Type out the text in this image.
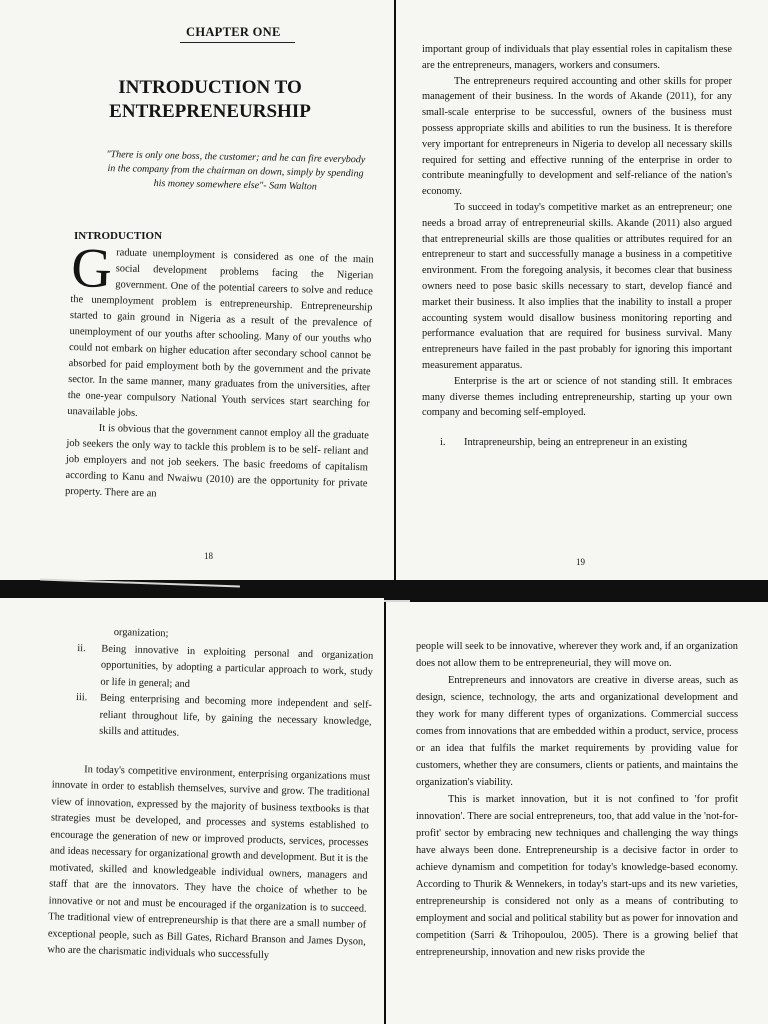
CHAPTER ONE
INTRODUCTION TO ENTREPRENEURSHIP
"There is only one boss, the customer; and he can fire everybody in the company from the chairman on down, simply by spending his money somewhere else"- Sam Walton
INTRODUCTION

Graduate unemployment is considered as one of the main social development problems facing the Nigerian government. One of the potential careers to solve and reduce the unemployment problem is entrepreneurship. Entrepreneurship started to gain ground in Nigeria as a result of the prevalence of unemployment of our youths after schooling. Many of our youths who could not embark on higher education after secondary school cannot be absorbed for paid employment both by the government and the private sector. In the same manner, many graduates from the universities, after the one-year compulsory National Youth services start searching for unavailable jobs.

It is obvious that the government cannot employ all the graduate job seekers the only way to tackle this problem is to be self- reliant and job employers and not job seekers. The basic freedoms of capitalism according to Kanu and Nwaiwu (2010) are the opportunity for private property. There are an

18

important group of individuals that play essential roles in capitalism these are the entrepreneurs, managers, workers and consumers.

The entrepreneurs required accounting and other skills for proper management of their business. In the words of Akande (2011), for any small-scale enterprise to be successful, owners of the business must possess appropriate skills and abilities to run the business. It is therefore very important for entrepreneurs in Nigeria to develop all necessary skills required for setting and effective running of the enterprise in order to contribute meaningfully to development and self-reliance of the nation's economy.

To succeed in today's competitive market as an entrepreneur; one needs a broad array of entrepreneurial skills. Akande (2011) also argued that entrepreneurial skills are those qualities or attributes required for an entrepreneur to start and successfully manage a business in a competitive environment. From the foregoing analysis, it becomes clear that business owners need to pose basic skills necessary to start, develop fiancé and market their business. It also implies that the inability to install a proper accounting system would disallow business monitoring reporting and performance evaluation that are required for business survival. Many entrepreneurs have failed in the past probably for ignoring this important measurement apparatus.

Enterprise is the art or science of not standing still. It embraces many diverse themes including entrepreneurship, starting up your own company and becoming self-employed.

i.	Intrapreneurship, being an entrepreneur in an existing
19

organization;

ii.	Being innovative in exploiting personal and organization opportunities, by adopting a particular approach to work, study or life in general; and
iii.	Being enterprising and becoming more independent and self-reliant throughout life, by gaining the necessary knowledge, skills and attitudes.

In today's competitive environment, enterprising organizations must innovate in order to establish themselves, survive and grow. The traditional view of innovation, expressed by the majority of business textbooks is that strategies must be developed, and processes and systems established to encourage the generation of new or improved products, services, processes and ideas necessary for organizational growth and development. But it is the motivated, skilled and knowledgeable individual owners, managers and staff that are the innovators. They have the choice of whether to be innovative or not and must be encouraged if the organization is to succeed. The traditional view of entrepreneurship is that there are a small number of exceptional people, such as Bill Gates, Richard Branson and James Dyson, who are the charismatic individuals who successfully

people will seek to be innovative, wherever they work and, if an organization does not allow them to be entrepreneurial, they will move on.

Entrepreneurs and innovators are creative in diverse areas, such as design, science, technology, the arts and organizational development and they work for many different types of organizations. Commercial success comes from innovations that are embedded within a product, service, process or an idea that fulfils the market requirements by providing value for customers, whether they are consumers, clients or patients, and maintains the organization's viability.

This is market innovation, but it is not confined to 'for profit innovation'. There are social entrepreneurs, too, that add value in the 'not-for-profit' sector by embracing new techniques and challenging the way things have always been done. Entrepreneurship is a decisive factor in order to achieve dynamism and competition for today's knowledge-based economy. According to Thurik & Wennekers, in today's start-ups and its new varieties, entrepreneurship is considered not only as a means of contributing to employment and social and political stability but as power for innovation and competition (Sarri & Trihopoulou, 2005). There is a growing belief that entrepreneurship, innovation and new risks provide the
